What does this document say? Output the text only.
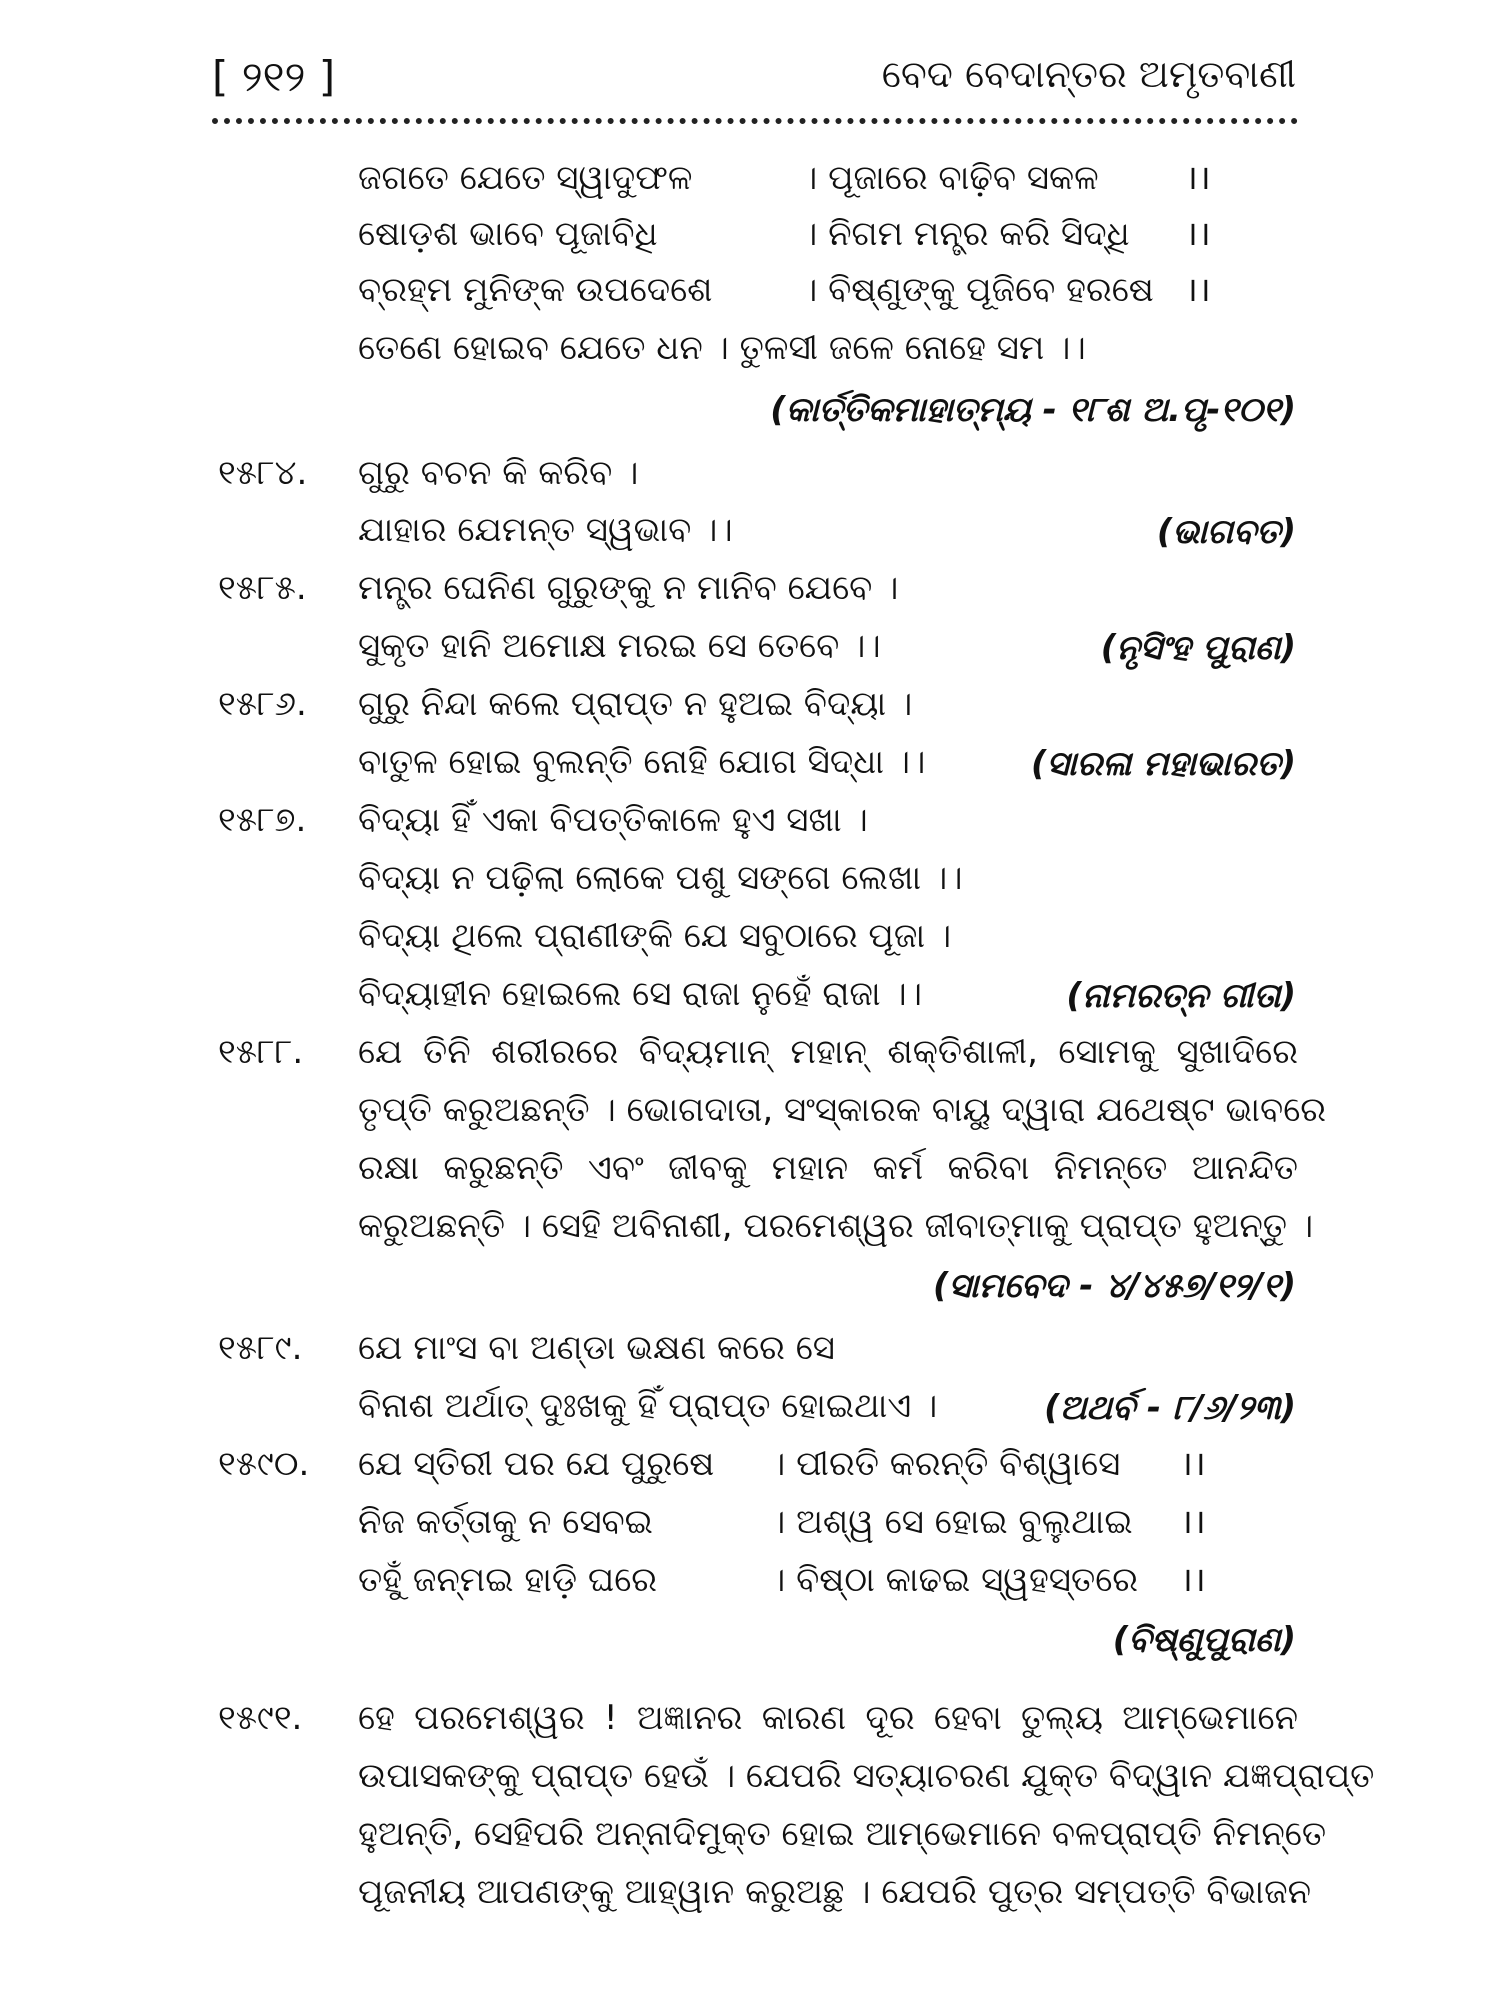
[ ୨୧୨ ]	ବେଦ ବେଦାନ୍ତର ଅମୃତବାଣୀ
ଜଗତେ ଯେତେ ସ୍ୱାଦୁଫଳ	। ପୂଜାରେ ବାଢ଼ିବ ସକଳ	।।
ଷୋଡ଼ଶ ଭାବେ ପୂଜାବିଧି	। ନିଗମ ମନ୍ତ୍ର କରି ସିଦ୍ଧି ।।
ବ୍ରହ୍ମ ମୁନିଙ୍କ ଉପଦେଶେ	। ବିଷ୍ଣୁଙ୍କୁ ପୂଜିବେ ହରଷେ ।।
ତେଣେ ହୋଇବ ଯେତେ ଧନ । ତୁଳସୀ ଜଳେ ନୋହେ ସମ ।।
(କାର୍ତ୍ତିକମାହାତ୍ମ୍ୟ - ୧୮ଶ ଅ.ପୃ-୧୦୧)
୧୫୮୪. ଗୁରୁ ବଚନ କି କରିବ ।
ଯାହାର ଯେମନ୍ତ ସ୍ୱଭାବ ।।	(ଭାଗବତ)
୧୫୮୫. ମନ୍ତ୍ର ଘେନିଣ ଗୁରୁଙ୍କୁ ନ ମାନିବ ଯେବେ ।
ସୁକୃତ ହାନି ଅମୋକ୍ଷ ମରଇ ସେ ତେବେ ।।	(ନୃସିଂହ ପୁରାଣ)
୧୫୮୬. ଗୁରୁ ନିନ୍ଦା କଲେ ପ୍ରାପ୍ତ ନ ହୁଅଇ ବିଦ୍ୟା ।
ବାତୁଳ ହୋଇ ବୁଲନ୍ତି ନୋହି ଯୋଗ ସିଦ୍ଧା ।।	(ସାରଳା ମହାଭାରତ)
୧୫୮୭. ବିଦ୍ୟା ହିଁ ଏକା ବିପତ୍ତିକାଳେ ହୁଏ ସଖା ।
ବିଦ୍ୟା ନ ପଢ଼ିଲା ଲୋକେ ପଶୁ ସଙ୍ଗେ ଲେଖା ।।
ବିଦ୍ୟା ଥିଲେ ପ୍ରାଣୀଙ୍କି ଯେ ସବୁଠାରେ ପୂଜା ।
ବିଦ୍ୟାହୀନ ହୋଇଲେ ସେ ରାଜା ନୁହେଁ ରାଜା ।।	(ନାମରତ୍ନ ଗୀତା)
୧୫୮୮. ଯେ ତିନି ଶରୀରରେ ବିଦ୍ୟମାନ୍ ମହାନ୍ ଶକ୍ତିଶାଳୀ, ସୋମକୁ ସୁଖାଦିରେ
ତୃପ୍ତି କରୁଅଛନ୍ତି । ଭୋଗଦାତା, ସଂସ୍କାରକ ବାୟୁ ଦ୍ୱାରା ଯଥେଷ୍ଟ ଭାବରେ
ରକ୍ଷା କରୁଛନ୍ତି ଏବଂ ଜୀବକୁ ମହାନ କର୍ମ କରିବା ନିମନ୍ତେ ଆନନ୍ଦିତ
କରୁଅଛନ୍ତି । ସେହି ଅବିନାଶୀ, ପରମେଶ୍ୱର ଜୀବାତ୍ମାକୁ ପ୍ରାପ୍ତ ହୁଅନ୍ତୁ ।
(ସାମବେଦ - ୪/୪୫୭/୧୨/୧)
୧୫୮୯. ଯେ ମାଂସ ବା ଅଣ୍ଡା ଭକ୍ଷଣ କରେ ସେ
ବିନାଶ ଅର୍ଥାତ୍ ଦୁଃଖକୁ ହିଁ ପ୍ରାପ୍ତ ହୋଇଥାଏ ।	(ଅଥର୍ବ - ୮/୬/୨୩)
୧୫୯୦. ଯେ ସ୍ତିରୀ ପର ଯେ ପୁରୁଷେ । ପୀରତି କରନ୍ତି ବିଶ୍ୱାସେ ।।
ନିଜ କର୍ତ୍ତାକୁ ନ ସେବଇ	। ଅଶ୍ୱ ସେ ହୋଇ ବୁଲୁଥାଇ ।।
ତହୁଁ ଜନ୍ମଇ ହାଡ଼ି ଘରେ	। ବିଷ୍ଠା କାଢଇ ସ୍ୱହସ୍ତରେ ।।
(ବିଷ୍ଣୁପୁରାଣ)
୧୫୯୧. ହେ ପରମେଶ୍ୱର ! ଅଜ୍ଞାନର କାରଣ ଦୂର ହେବା ତୁଲ୍ୟ ଆମ୍ଭେମାନେ
ଉପାସକଙ୍କୁ ପ୍ରାପ୍ତ ହେଉଁ । ଯେପରି ସତ୍ୟାଚରଣ ଯୁକ୍ତ ବିଦ୍ୱାନ ଯଜ୍ଞପ୍ରାପ୍ତ
ହୁଅନ୍ତି, ସେହିପରି ଅନ୍ନାଦିମୁକ୍ତ ହୋଇ ଆମ୍ଭେମାନେ ବଳପ୍ରାପ୍ତି ନିମନ୍ତେ
ପୂଜନୀୟ ଆପଣଙ୍କୁ ଆହ୍ୱାନ କରୁଅଛୁ । ଯେପରି ପୁତ୍ର ସମ୍ପତ୍ତି ବିଭାଜନ
